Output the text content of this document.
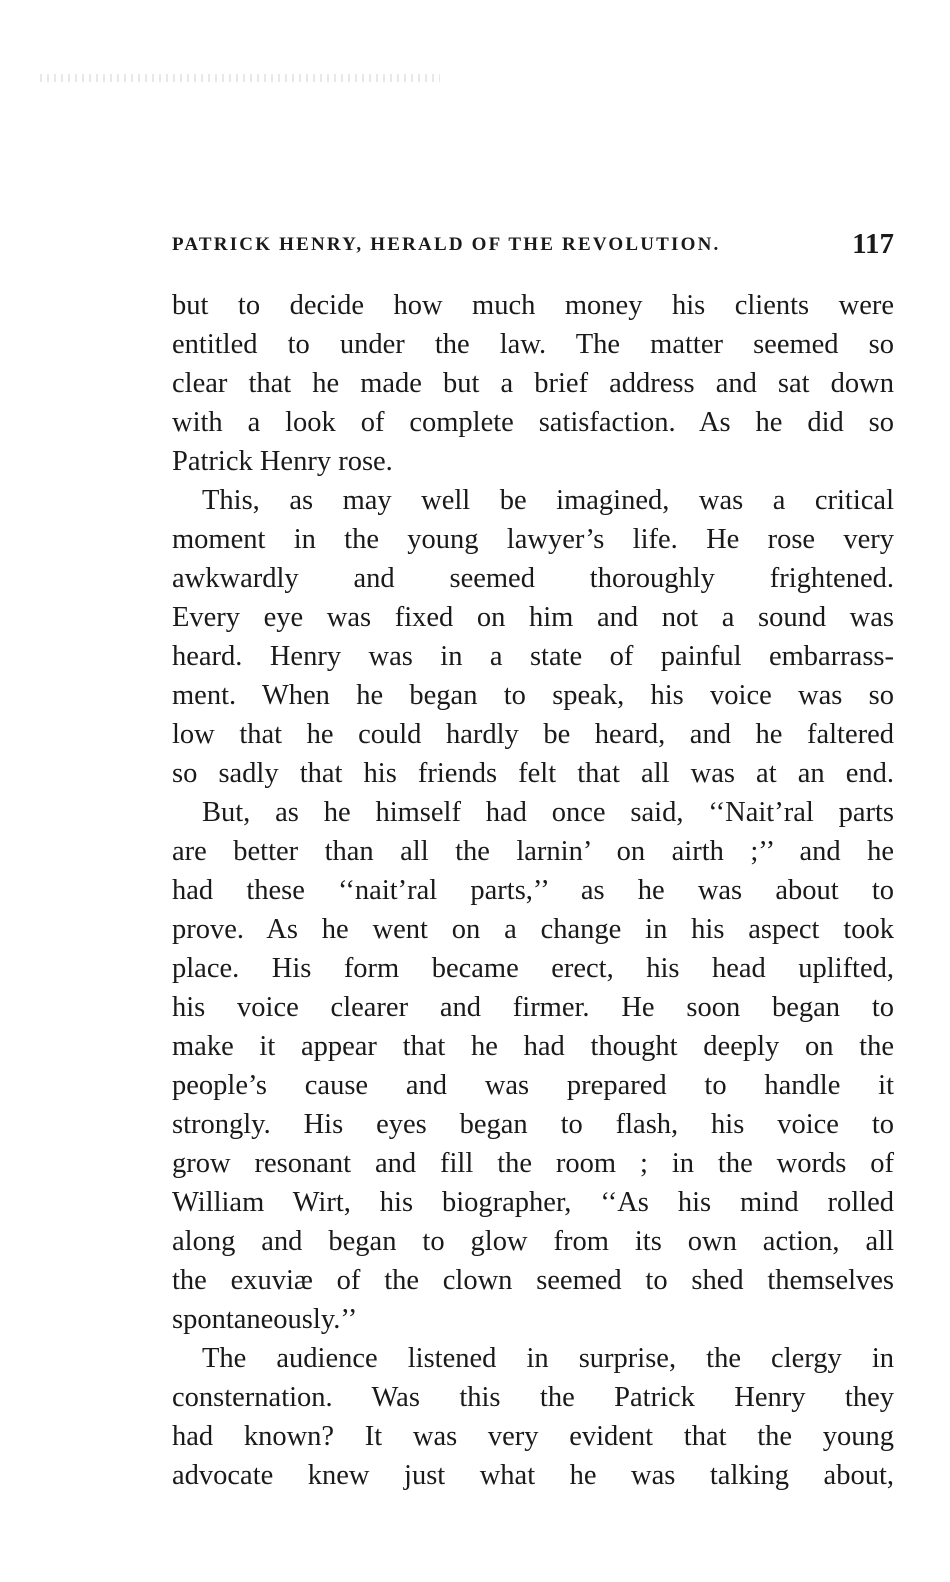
PATRICK HENRY, HERALD OF THE REVOLUTION.	117
but to decide how much money his clients were
entitled to under the law. The matter seemed so
clear that he made but a brief address and sat down
with a look of complete satisfaction. As he did so
Patrick Henry rose.
This, as may well be imagined, was a critical
moment in the young lawyer’s life. He rose very
awkwardly and seemed thoroughly frightened.
Every eye was fixed on him and not a sound was
heard. Henry was in a state of painful embarrass-
ment. When he began to speak, his voice was so
low that he could hardly be heard, and he faltered
so sadly that his friends felt that all was at an end.
But, as he himself had once said, ‘‘Nait’ral parts
are better than all the larnin’ on airth ;’’ and he
had these ‘‘nait’ral parts,’’ as he was about to
prove. As he went on a change in his aspect took
place. His form became erect, his head uplifted,
his voice clearer and firmer. He soon began to
make it appear that he had thought deeply on the
people’s cause and was prepared to handle it
strongly. His eyes began to flash, his voice to
grow resonant and fill the room ; in the words of
William Wirt, his biographer, ‘‘As his mind rolled
along and began to glow from its own action, all
the exuviæ of the clown seemed to shed themselves
spontaneously.’’
The audience listened in surprise, the clergy in
consternation. Was this the Patrick Henry they
had known? It was very evident that the young
advocate knew just what he was talking about,
